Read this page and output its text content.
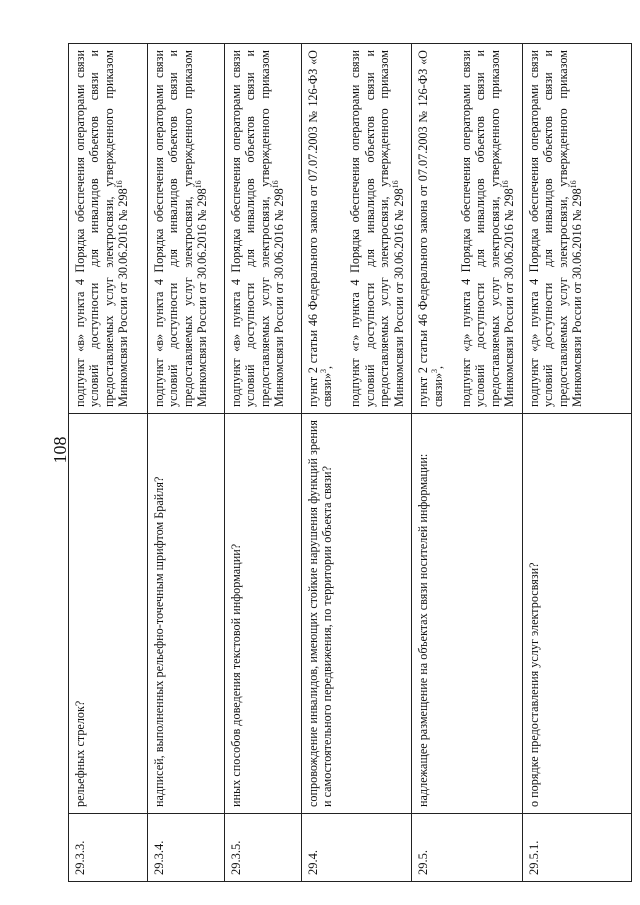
108
29.3.3.	рельефных стрелок?	подпункт «в» пункта 4 Порядка обеспечения операторами связи условий доступности для инвалидов объектов связи и предоставляемых услуг электросвязи, утвержденного приказом Минкомсвязи России от 30.06.2016 № $298^{16}$

29.3.4.	надписей, выполненных рельефно-точечным шрифтом Брайля?	подпункт «в» пункта 4 Порядка обеспечения операторами связи условий доступности для инвалидов объектов связи и предоставляемых услуг электросвязи, утвержденного приказом Минкомсвязи России от 30.06.2016 № $298^{16}$

29.3.5.	иных способов доведения текстовой информации?	подпункт «в» пункта 4 Порядка обеспечения операторами связи условий доступности для инвалидов объектов связи и предоставляемых услуг электросвязи, утвержденного приказом Минкомсвязи России от 30.06.2016 № $298^{16}$

29.4.	сопровождение инвалидов, имеющих стойкие нарушения функций зрения и самостоятельного передвижения, по территории объекта связи?	пункт 2 статьи 46 Федерального закона от 07.07.2003 № 126-ФЗ «О связи»$^3$, подпункт «г» пункта 4 Порядка обеспечения операторами связи условий доступности для инвалидов объектов связи и предоставляемых услуг электросвязи, утвержденного приказом Минкомсвязи России от 30.06.2016 № $298^{16}$

29.5.	надлежащее размещение на объектах связи носителей информации:	пункт 2 статьи 46 Федерального закона от 07.07.2003 № 126-ФЗ «О связи»$^3$, подпункт «д» пункта 4 Порядка обеспечения операторами связи условий доступности для инвалидов объектов связи и предоставляемых услуг электросвязи, утвержденного приказом Минкомсвязи России от 30.06.2016 № $298^{16}$

29.5.1.	о порядке предоставления услуг электросвязи?	подпункт «д» пункта 4 Порядка обеспечения операторами связи условий доступности для инвалидов объектов связи и предоставляемых услуг электросвязи, утвержденного приказом Минкомсвязи России от 30.06.2016 № $298^{16}$
